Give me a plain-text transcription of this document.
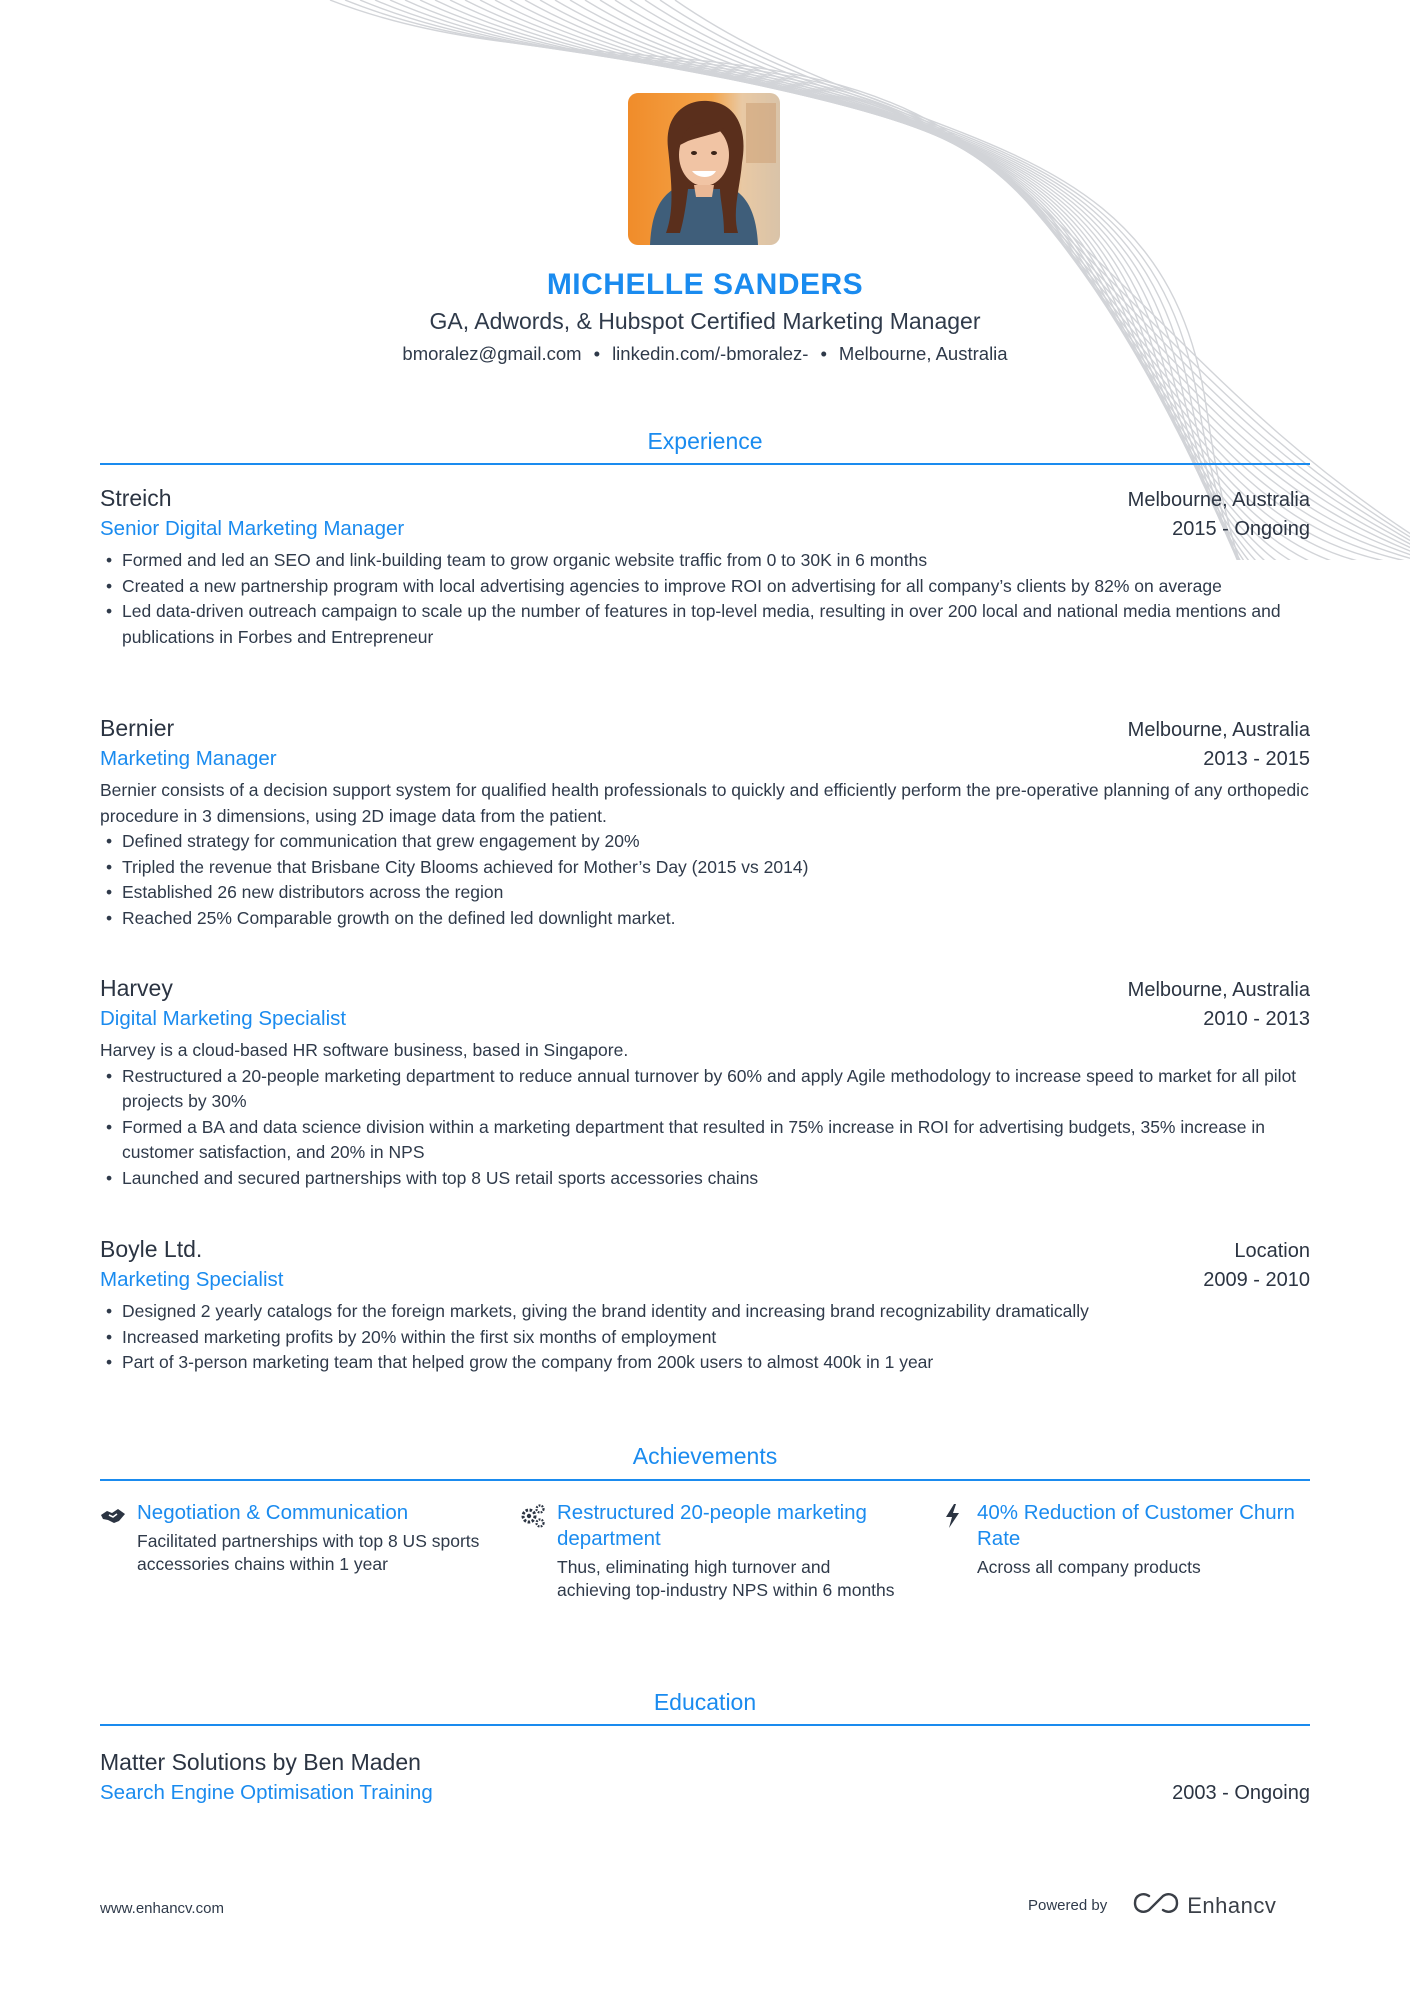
MICHELLE SANDERS
GA, Adwords, & Hubspot Certified Marketing Manager
bmoralez@gmail.com • linkedin.com/-bmoralez- • Melbourne, Australia
Experience
Streich	Melbourne, Australia
Senior Digital Marketing Manager	2015 - Ongoing
• Formed and led an SEO and link-building team to grow organic website traffic from 0 to 30K in 6 months
• Created a new partnership program with local advertising agencies to improve ROI on advertising for all company’s clients by 82% on average
• Led data-driven outreach campaign to scale up the number of features in top-level media, resulting in over 200 local and national media mentions and publications in Forbes and Entrepreneur
Bernier	Melbourne, Australia
Marketing Manager	2013 - 2015
Bernier consists of a decision support system for qualified health professionals to quickly and efficiently perform the pre-operative planning of any orthopedic procedure in 3 dimensions, using 2D image data from the patient.
• Defined strategy for communication that grew engagement by 20%
• Tripled the revenue that Brisbane City Blooms achieved for Mother’s Day (2015 vs 2014)
• Established 26 new distributors across the region
• Reached 25% Comparable growth on the defined led downlight market.
Harvey	Melbourne, Australia
Digital Marketing Specialist	2010 - 2013
Harvey is a cloud-based HR software business, based in Singapore.
• Restructured a 20-people marketing department to reduce annual turnover by 60% and apply Agile methodology to increase speed to market for all pilot projects by 30%
• Formed a BA and data science division within a marketing department that resulted in 75% increase in ROI for advertising budgets, 35% increase in customer satisfaction, and 20% in NPS
• Launched and secured partnerships with top 8 US retail sports accessories chains
Boyle Ltd.	Location
Marketing Specialist	2009 - 2010
• Designed 2 yearly catalogs for the foreign markets, giving the brand identity and increasing brand recognizability dramatically
• Increased marketing profits by 20% within the first six months of employment
• Part of 3-person marketing team that helped grow the company from 200k users to almost 400k in 1 year
Achievements
Negotiation & Communication
Facilitated partnerships with top 8 US sports accessories chains within 1 year
Restructured 20-people marketing department
Thus, eliminating high turnover and achieving top-industry NPS within 6 months
40% Reduction of Customer Churn Rate
Across all company products
Education
Matter Solutions by Ben Maden
Search Engine Optimisation Training	2003 - Ongoing
www.enhancv.com	Powered by	Enhancv
